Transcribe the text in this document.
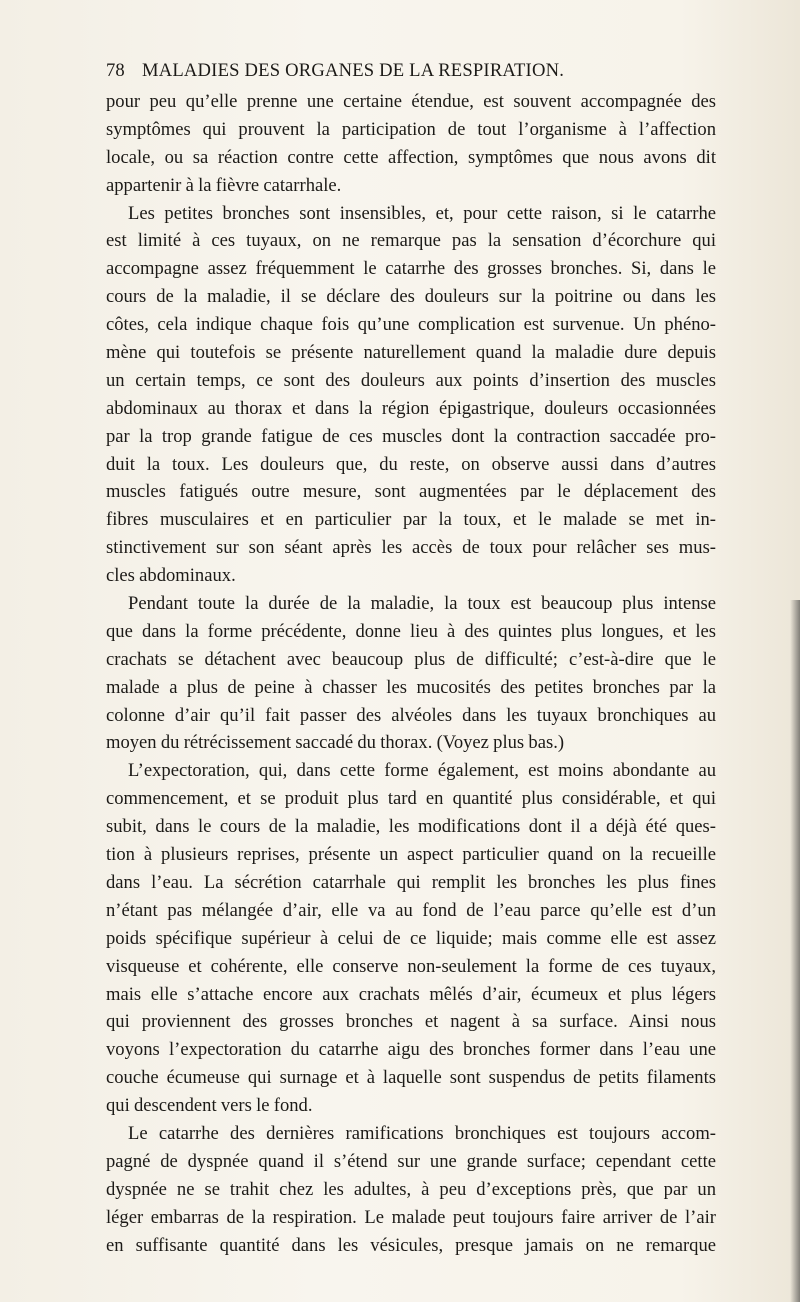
78 MALADIES DES ORGANES DE LA RESPIRATION.
pour peu qu’elle prenne une certaine étendue, est souvent accompagnée des
symptômes qui prouvent la participation de tout l’organisme à l’affection
locale, ou sa réaction contre cette affection, symptômes que nous avons dit
appartenir à la fièvre catarrhale.
Les petites bronches sont insensibles, et, pour cette raison, si le catarrhe
est limité à ces tuyaux, on ne remarque pas la sensation d’écorchure qui
accompagne assez fréquemment le catarrhe des grosses bronches. Si, dans le
cours de la maladie, il se déclare des douleurs sur la poitrine ou dans les
côtes, cela indique chaque fois qu’une complication est survenue. Un phéno-
mène qui toutefois se présente naturellement quand la maladie dure depuis
un certain temps, ce sont des douleurs aux points d’insertion des muscles
abdominaux au thorax et dans la région épigastrique, douleurs occasionnées
par la trop grande fatigue de ces muscles dont la contraction saccadée pro-
duit la toux. Les douleurs que, du reste, on observe aussi dans d’autres
muscles fatigués outre mesure, sont augmentées par le déplacement des
fibres musculaires et en particulier par la toux, et le malade se met in-
stinctivement sur son séant après les accès de toux pour relâcher ses mus-
cles abdominaux.
Pendant toute la durée de la maladie, la toux est beaucoup plus intense
que dans la forme précédente, donne lieu à des quintes plus longues, et les
crachats se détachent avec beaucoup plus de difficulté; c’est-à-dire que le
malade a plus de peine à chasser les mucosités des petites bronches par la
colonne d’air qu’il fait passer des alvéoles dans les tuyaux bronchiques au
moyen du rétrécissement saccadé du thorax. (Voyez plus bas.)
L’expectoration, qui, dans cette forme également, est moins abondante au
commencement, et se produit plus tard en quantité plus considérable, et qui
subit, dans le cours de la maladie, les modifications dont il a déjà été ques-
tion à plusieurs reprises, présente un aspect particulier quand on la recueille
dans l’eau. La sécrétion catarrhale qui remplit les bronches les plus fines
n’étant pas mélangée d’air, elle va au fond de l’eau parce qu’elle est d’un
poids spécifique supérieur à celui de ce liquide; mais comme elle est assez
visqueuse et cohérente, elle conserve non-seulement la forme de ces tuyaux,
mais elle s’attache encore aux crachats mêlés d’air, écumeux et plus légers
qui proviennent des grosses bronches et nagent à sa surface. Ainsi nous
voyons l’expectoration du catarrhe aigu des bronches former dans l’eau une
couche écumeuse qui surnage et à laquelle sont suspendus de petits filaments
qui descendent vers le fond.
Le catarrhe des dernières ramifications bronchiques est toujours accom-
pagné de dyspnée quand il s’étend sur une grande surface; cependant cette
dyspnée ne se trahit chez les adultes, à peu d’exceptions près, que par un
léger embarras de la respiration. Le malade peut toujours faire arriver de l’air
en suffisante quantité dans les vésicules, presque jamais on ne remarque
